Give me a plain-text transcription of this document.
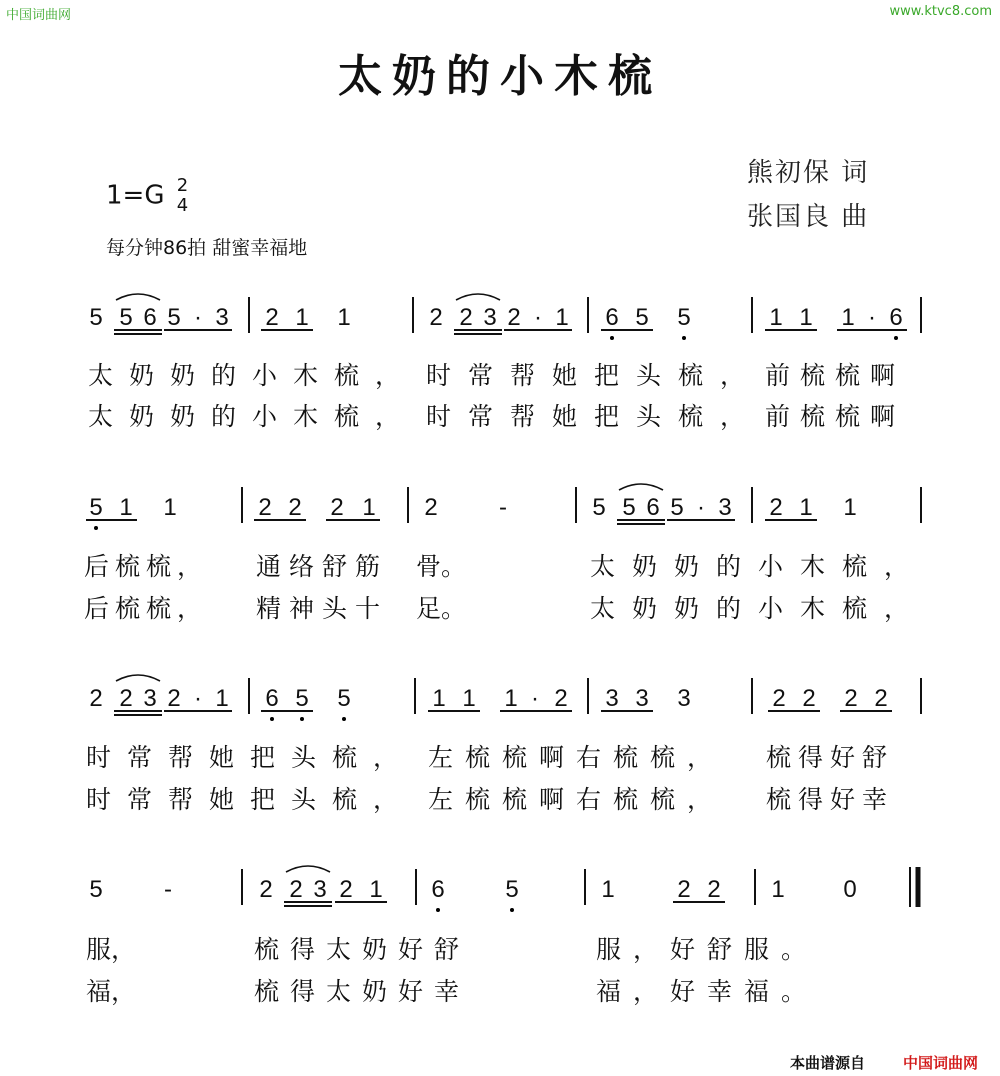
中国词曲网	www.ktvc8.com
太奶的小木梳
熊初保 词
张国良 曲
1=G 2
4
每分钟86拍 甜蜜幸福地
5 5 6 5 · 3 2 1 1	2 2 3 2 · 1 6 5 5	1 1 1 · 6
5 1 1	2 2 2 1 2	-	5 5 6 5 · 3 2 1 1
2 2 3 2 · 1 6 5 5	1 1 1 · 2 3 3 3	2 2 2 2
5	-	2 2 3 2 1 6	5	1	2 2 1 0
太奶奶的小木梳， 时常帮她把头梳， 前梳梳啊
太奶奶的小木梳， 时常帮她把头梳， 前梳梳啊
后梳梳， 通络舒筋 骨。	太奶奶的小木梳，
后梳梳， 精神头十 足。	太奶奶的小木梳，
时常帮她把头梳， 左梳梳啊右梳梳， 梳得好舒
时常帮她把头梳， 左梳梳啊右梳梳， 梳得好幸
服，	梳得太奶好舒	服，好舒服。
福，	梳得太奶好幸	福，好幸福。
本曲谱源自	中国词曲网
